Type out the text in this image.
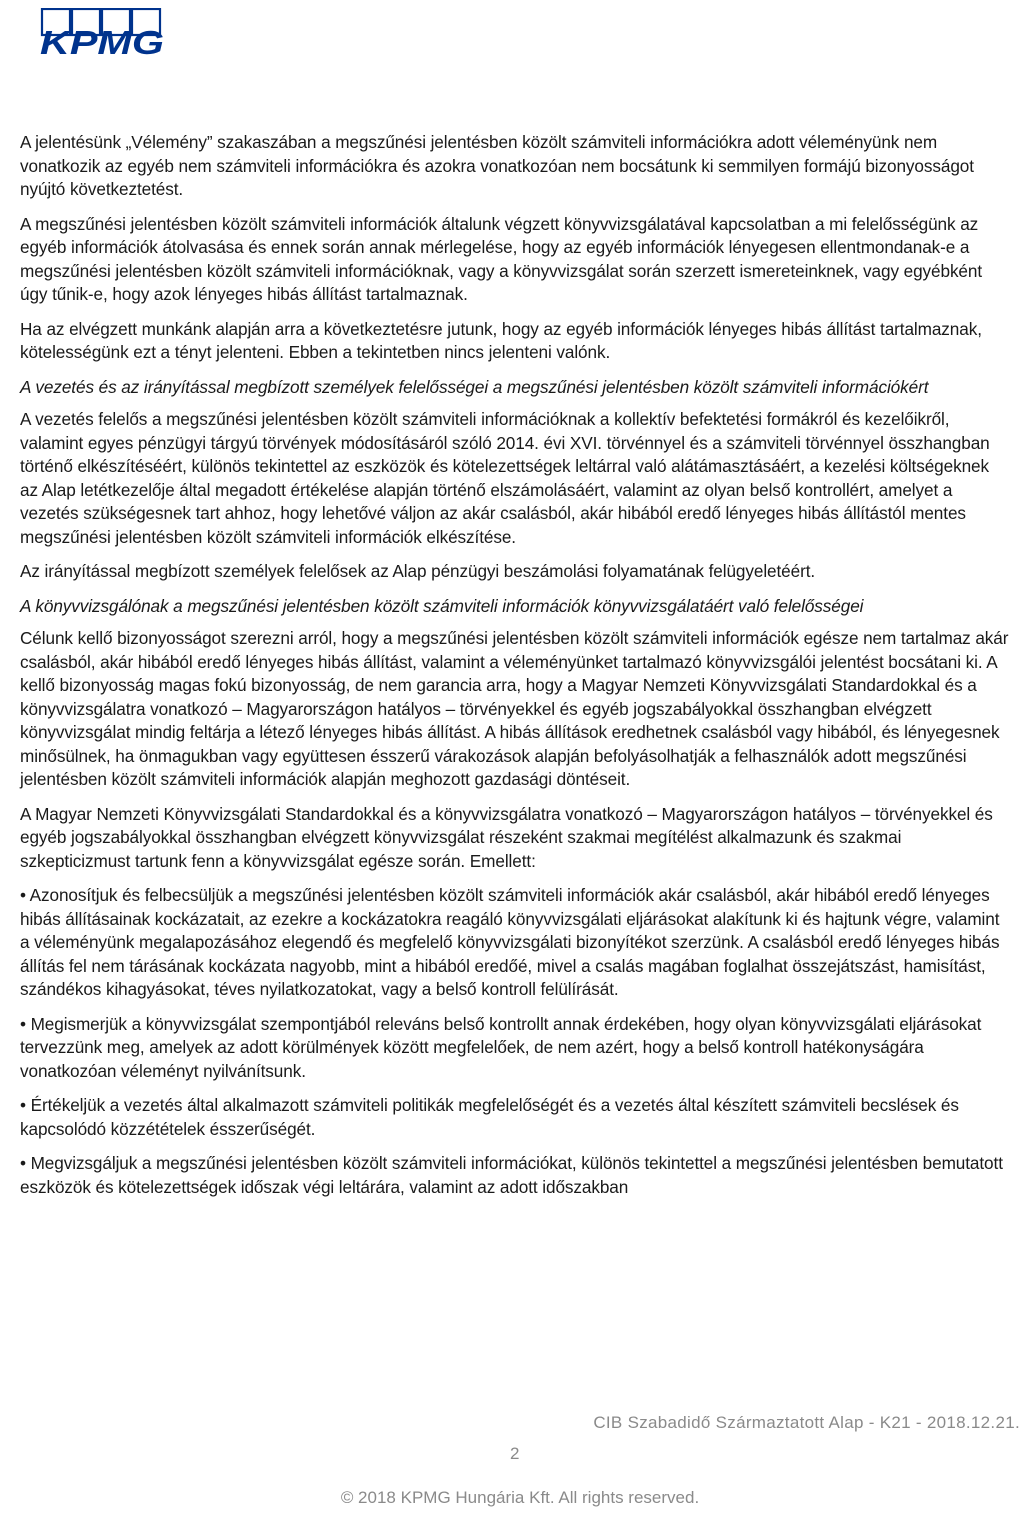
KPMG

A jelentésünk „Vélemény” szakaszában a megszűnési jelentésben közölt számviteli információkra adott véleményünk nem vonatkozik az egyéb nem számviteli információkra és azokra vonatkozóan nem bocsátunk ki semmilyen formájú bizonyosságot nyújtó következtetést.

A megszűnési jelentésben közölt számviteli információk általunk végzett könyvvizsgálatával kapcsolatban a mi felelősségünk az egyéb információk átolvasása és ennek során annak mérlegelése, hogy az egyéb információk lényegesen ellentmondanak-e a megszűnési jelentésben közölt számviteli információknak, vagy a könyvvizsgálat során szerzett ismereteinknek, vagy egyébként úgy tűnik-e, hogy azok lényeges hibás állítást tartalmaznak.

Ha az elvégzett munkánk alapján arra a következtetésre jutunk, hogy az egyéb információk lényeges hibás állítást tartalmaznak, kötelességünk ezt a tényt jelenteni. Ebben a tekintetben nincs jelenteni valónk.

A vezetés és az irányítással megbízott személyek felelősségei a megszűnési jelentésben közölt számviteli információkért

A vezetés felelős a megszűnési jelentésben közölt számviteli információknak a kollektív befektetési formákról és kezelőikről, valamint egyes pénzügyi tárgyú törvények módosításáról szóló 2014. évi XVI. törvénnyel és a számviteli törvénnyel összhangban történő elkészítéséért, különös tekintettel az eszközök és kötelezettségek leltárral való alátámasztásáért, a kezelési költségeknek az Alap letétkezelője által megadott értékelése alapján történő elszámolásáért, valamint az olyan belső kontrollért, amelyet a vezetés szükségesnek tart ahhoz, hogy lehetővé váljon az akár csalásból, akár hibából eredő lényeges hibás állítástól mentes megszűnési jelentésben közölt számviteli információk elkészítése.

Az irányítással megbízott személyek felelősek az Alap pénzügyi beszámolási folyamatának felügyeletéért.

A könyvvizsgálónak a megszűnési jelentésben közölt számviteli információk könyvvizsgálatáért való felelősségei

Célunk kellő bizonyosságot szerezni arról, hogy a megszűnési jelentésben közölt számviteli információk egésze nem tartalmaz akár csalásból, akár hibából eredő lényeges hibás állítást, valamint a véleményünket tartalmazó könyvvizsgálói jelentést bocsátani ki. A kellő bizonyosság magas fokú bizonyosság, de nem garancia arra, hogy a Magyar Nemzeti Könyvvizsgálati Standardokkal és a könyvvizsgálatra vonatkozó – Magyarországon hatályos – törvényekkel és egyéb jogszabályokkal összhangban elvégzett könyvvizsgálat mindig feltárja a létező lényeges hibás állítást. A hibás állítások eredhetnek csalásból vagy hibából, és lényegesnek minősülnek, ha önmagukban vagy együttesen ésszerű várakozások alapján befolyásolhatják a felhasználók adott megszűnési jelentésben közölt számviteli információk alapján meghozott gazdasági döntéseit.

A Magyar Nemzeti Könyvvizsgálati Standardokkal és a könyvvizsgálatra vonatkozó – Magyarországon hatályos – törvényekkel és egyéb jogszabályokkal összhangban elvégzett könyvvizsgálat részeként szakmai megítélést alkalmazunk és szakmai szkepticizmust tartunk fenn a könyvvizsgálat egésze során. Emellett:

• Azonosítjuk és felbecsüljük a megszűnési jelentésben közölt számviteli információk akár csalásból, akár hibából eredő lényeges hibás állításainak kockázatait, az ezekre a kockázatokra reagáló könyvvizsgálati eljárásokat alakítunk ki és hajtunk végre, valamint a véleményünk megalapozásához elegendő és megfelelő könyvvizsgálati bizonyítékot szerzünk. A csalásból eredő lényeges hibás állítás fel nem tárásának kockázata nagyobb, mint a hibából eredőé, mivel a csalás magában foglalhat összejátszást, hamisítást, szándékos kihagyásokat, téves nyilatkozatokat, vagy a belső kontroll felülírását.

• Megismerjük a könyvvizsgálat szempontjából releváns belső kontrollt annak érdekében, hogy olyan könyvvizsgálati eljárásokat tervezzünk meg, amelyek az adott körülmények között megfelelőek, de nem azért, hogy a belső kontroll hatékonyságára vonatkozóan véleményt nyilvánítsunk.

• Értékeljük a vezetés által alkalmazott számviteli politikák megfelelőségét és a vezetés által készített számviteli becslések és kapcsolódó közzétételek ésszerűségét.

• Megvizsgáljuk a megszűnési jelentésben közölt számviteli információkat, különös tekintettel a megszűnési jelentésben bemutatott eszközök és kötelezettségek időszak végi leltárára, valamint az adott időszakban

CIB Szabadidő Származtatott Alap - K21 - 2018.12.21.
2
© 2018 KPMG Hungária Kft. All rights reserved.
